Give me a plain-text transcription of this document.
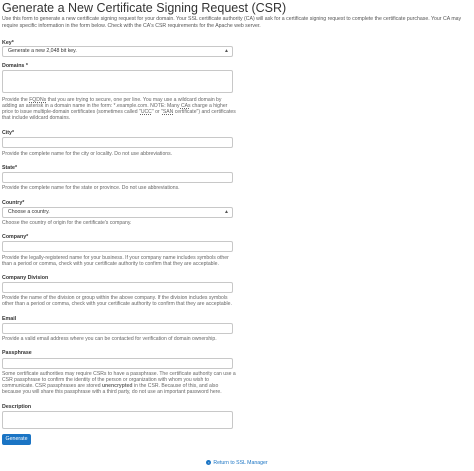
Generate a New Certificate Signing Request (CSR)
Use this form to generate a new certificate signing request for your domain. Your SSL certificate authority (CA) will ask for a certificate signing request to complete the certificate purchase. Your CA may require specific information in the form below. Check with the CA's CSR requirements for the Apache web server.
Key*
Generate a new 2,048 bit key.	▲

Domains *
Provide the FQDNs that you are trying to secure, one per line. You may use a wildcard domain by adding an asterisk in a domain name in the form: *.example.com. NOTE: Many CAs charge a higher price to issue multiple-domain certificates (sometimes called "UCC" or "SAN certificate") and certificates that include wildcard domains.
City*
Provide the complete name for the city or locality. Do not use abbreviations.
State*
Provide the complete name for the state or province. Do not use abbreviations.
Country*
Choose a country.	▲
Choose the country of origin for the certificate's company.
Company*
Provide the legally-registered name for your business. If your company name includes symbols other than a period or comma, check with your certificate authority to confirm that they are acceptable.
Company Division
Provide the name of the division or group within the above company. If the division includes symbols other than a period or comma, check with your certificate authority to confirm that they are acceptable.
Email
Provide a valid email address where you can be contacted for verification of domain ownership.
Passphrase
Some certificate authorities may require CSRs to have a passphrase. The certificate authority can use a CSR passphrase to confirm the identity of the person or organization with whom you wish to communicate. CSR passphrases are stored unencrypted in the CSR. Because of this, and also because you will share this passphrase with a third party, do not use an important password here.
Description
Generate
‹ Return to SSL Manager
